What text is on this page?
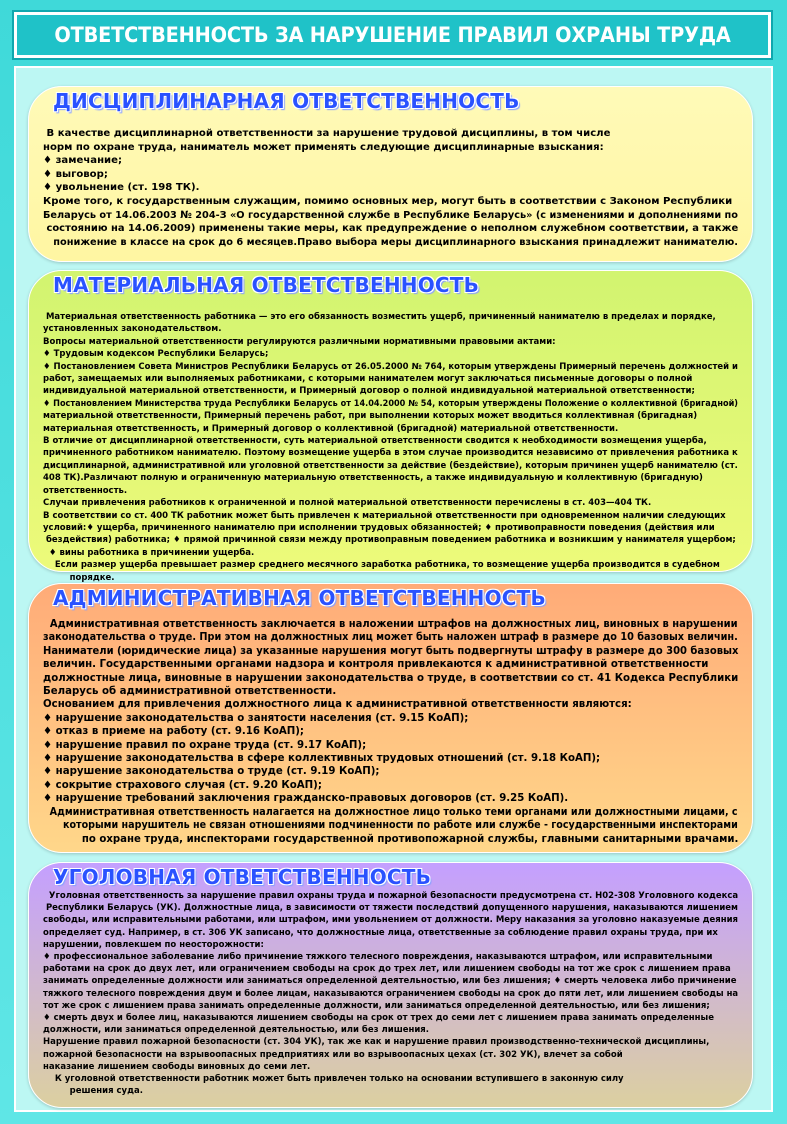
ОТВЕТСТВЕННОСТЬ ЗА НАРУШЕНИЕ ПРАВИЛ ОХРАНЫ ТРУДА
ДИСЦИПЛИНАРНАЯ ОТВЕТСТВЕННОСТЬ

В качестве дисциплинарной ответственности за нарушение трудовой дисциплины, в том числе

норм по охране труда, наниматель может применять следующие дисциплинарные взыскания:

♦ замечание;

♦ выговор;

♦ увольнение (ст. 198 ТК).

Кроме того, к государственным служащим, помимо основных мер, могут быть в соответствии с Законом Республики

Беларусь от 14.06.2003 № 204-З «О государственной службе в Республике Беларусь» (с изменениями и дополнениями по

состоянию на 14.06.2009) применены такие меры, как предупреждение о неполном служебном соответствии, а также

понижение в классе на срок до 6 месяцев.Право выбора меры дисциплинарного взыскания принадлежит нанимателю.

МАТЕРИАЛЬНАЯ ОТВЕТСТВЕННОСТЬ

Материальная ответственность работника — это его обязанность возместить ущерб, причиненный нанимателю в пределах и порядке,

установленных законодательством.

Вопросы материальной ответственности регулируются различными нормативными правовыми актами:

♦ Трудовым кодексом Республики Беларусь;

♦ Постановлением Совета Министров Республики Беларусь от 26.05.2000 № 764, которым утверждены Примерный перечень должностей и

работ, замещаемых или выполняемых работниками, с которыми нанимателем могут заключаться письменные договоры о полной

индивидуальной материальной ответственности, и Примерный договор о полной индивидуальной материальной ответственности;

♦ Постановлением Министерства труда Республики Беларусь от 14.04.2000 № 54, которым утверждены Положение о коллективной (бригадной)

материальной ответственности, Примерный перечень работ, при выполнении которых может вводиться коллективная (бригадная)

материальная ответственность, и Примерный договор о коллективной (бригадной) материальной ответственности.

В отличие от дисциплинарной ответственности, суть материальной ответственности сводится к необходимости возмещения ущерба,

причиненного работником нанимателю. Поэтому возмещение ущерба в этом случае производится независимо от привлечения работника к

дисциплинарной, административной или уголовной ответственности за действие (бездействие), которым причинен ущерб нанимателю (ст.

408 ТК).Различают полную и ограниченную материальную ответственность, а также индивидуальную и коллективную (бригадную)

ответственность.

Случаи привлечения работников к ограниченной и полной материальной ответственности перечислены в ст. 403—404 ТК.

В соответствии со ст. 400 ТК работник может быть привлечен к материальной ответственности при одновременном наличии следующих

условий:♦ ущерба, причиненного нанимателю при исполнении трудовых обязанностей; ♦ противоправности поведения (действия или

бездействия) работника; ♦ прямой причинной связи между противоправным поведением работника и возникшим у нанимателя ущербом;

♦ вины работника в причинении ущерба.

Если размер ущерба превышает размер среднего месячного заработка работника, то возмещение ущерба производится в судебном

порядке.

АДМИНИСТРАТИВНАЯ ОТВЕТСТВЕННОСТЬ

Административная ответственность заключается в наложении штрафов на должностных лиц, виновных в нарушении

законодательства о труде. При этом на должностных лиц может быть наложен штраф в размере до 10 базовых величин.

Наниматели (юридические лица) за указанные нарушения могут быть подвергнуты штрафу в размере до 300 базовых

величин. Государственными органами надзора и контроля привлекаются к административной ответственности

должностные лица, виновные в нарушении законодательства о труде, в соответствии со ст. 41 Кодекса Республики

Беларусь об административной ответственности.

Основанием для привлечения должностного лица к административной ответственности являются:

♦ нарушение законодательства о занятости населения (ст. 9.15 КоАП);

♦ отказ в приеме на работу (ст. 9.16 КоАП);

♦ нарушение правил по охране труда (ст. 9.17 КоАП);

♦ нарушение законодательства в сфере коллективных трудовых отношений (ст. 9.18 КоАП);

♦ нарушение законодательства о труде (ст. 9.19 КоАП);

♦ сокрытие страхового случая (ст. 9.20 КоАП);

♦ нарушение требований заключения гражданско-правовых договоров (ст. 9.25 КоАП).

Административная ответственность налагается на должностное лицо только теми органами или должностными лицами, с

которыми нарушитель не связан отношениями подчиненности по работе или службе - государственными инспекторами

по охране труда, инспекторами государственной противопожарной службы, главными санитарными врачами.

УГОЛОВНАЯ ОТВЕТСТВЕННОСТЬ

Уголовная ответственность за нарушение правил охраны труда и пожарной безопасности предусмотрена ст. Н02-308 Уголовного кодекса

Республики Беларусь (УК). Должностные лица, в зависимости от тяжести последствий допущенного нарушения, наказываются лишением

свободы, или исправительными работами, или штрафом, ими увольнением от должности. Меру наказания за уголовно наказуемые деяния

определяет суд. Например, в ст. 306 УК записано, что должностные лица, ответственные за соблюдение правил охраны труда, при их

нарушении, повлекшем по неосторожности:

♦ профессиональное заболевание либо причинение тяжкого телесного повреждения, наказываются штрафом, или исправительными

работами на срок до двух лет, или ограничением свободы на срок до трех лет, или лишением свободы на тот же срок с лишением права

занимать определенные должности или заниматься определенной деятельностью, или без лишения; ♦ смерть человека либо причинение

тяжкого телесного повреждения двум и более лицам, наказываются ограничением свободы на срок до пяти лет, или лишением свободы на

тот же срок с лишением права занимать определенные должности, или заниматься определенной деятельностью, или без лишения;

♦ смерть двух и более лиц, наказываются лишением свободы на срок от трех до семи лет с лишением права занимать определенные

должности, или заниматься определенной деятельностью, или без лишения.

Нарушение правил пожарной безопасности (ст. 304 УК), так же как и нарушение правил производственно-технической дисциплины,

пожарной безопасности на взрывоопасных предприятиях или во взрывоопасных цехах (ст. 302 УК), влечет за собой

наказание лишением свободы виновных до семи лет.

К уголовной ответственности работник может быть привлечен только на основании вступившего в законную силу

решения суда.
